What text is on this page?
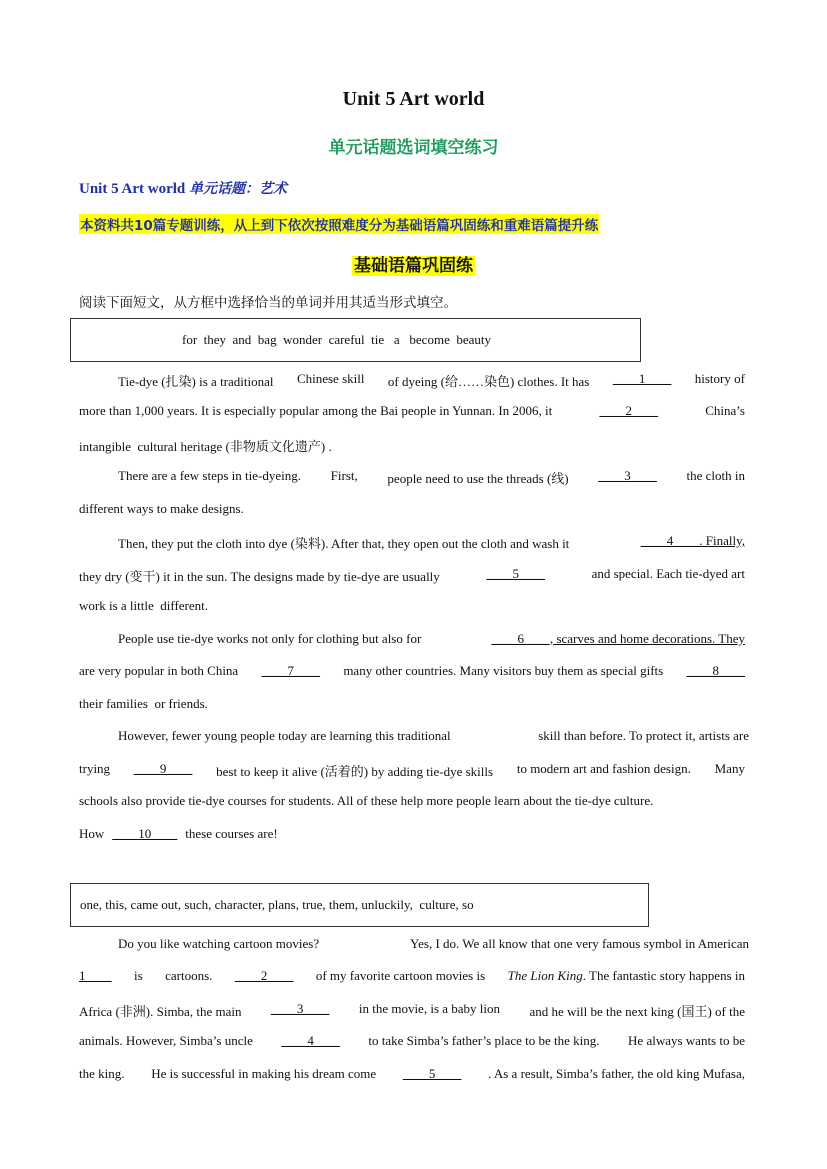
Unit 5 Art world
单元话题选词填空练习
Unit 5 Art world 单元话题：艺术
本资料共10篇专题训练，从上到下依次按照难度分为基础语篇巩固练和重难语篇提升练
基础语篇巩固练
阅读下面短文，从方框中选择恰当的单词并用其适当形式填空。
for  they  and  bag  wonder  careful  tie   a   become  beauty
Tie-dye (扎染) is a traditional Chinese skill of dyeing (给……染色) clothes. It has ____1____ history of
more than 1,000 years. It is especially popular among the Bai people in Yunnan. In 2006, it	____2____	China’s
intangible  cultural heritage (非物质文化遗产) .
There are a few steps in tie-dyeing. First, people need to use the threads (线) ____3____ the cloth in
different ways to make designs.
Then, they put the cloth into dye (染料). After that, they open out the cloth and wash it	____4____. Finally,
they dry (变干) it in the sun. The designs made by tie-dye are usually	____5____	and special. Each tie-dyed art
work is a little  different.
People use tie-dye works not only for clothing but also for	____6____, scarves and home decorations. They
are very popular in both China ____7____ many other countries. Many visitors buy them as special gifts ____8____
their families  or friends.
However, fewer young people today are learning this traditional	skill than before. To protect it, artists are
trying ____9____ best to keep it alive (活着的) by adding tie-dye skills to modern art and fashion design. Many
schools also provide tie-dye courses for students. All of these help more people learn about the tie-dye culture.
How ____10____ these courses are!
one, this, came out, such, character, plans, true, them, unluckily,  culture, so
Do you like watching cartoon movies?	Yes, I do. We all know that one very famous symbol in American
1____ is cartoons. ____2____ of my favorite cartoon movies is The Lion King. The fantastic story happens in
Africa (非洲). Simba, the main ____3____ in the movie, is a baby lion and he will be the next king (国王) of the
animals. However, Simba’s uncle ____4____ to take Simba’s father’s place to be the king. He always wants to be
the king. He is successful in making his dream come ____5____ . As a result, Simba’s father, the old king Mufasa,
